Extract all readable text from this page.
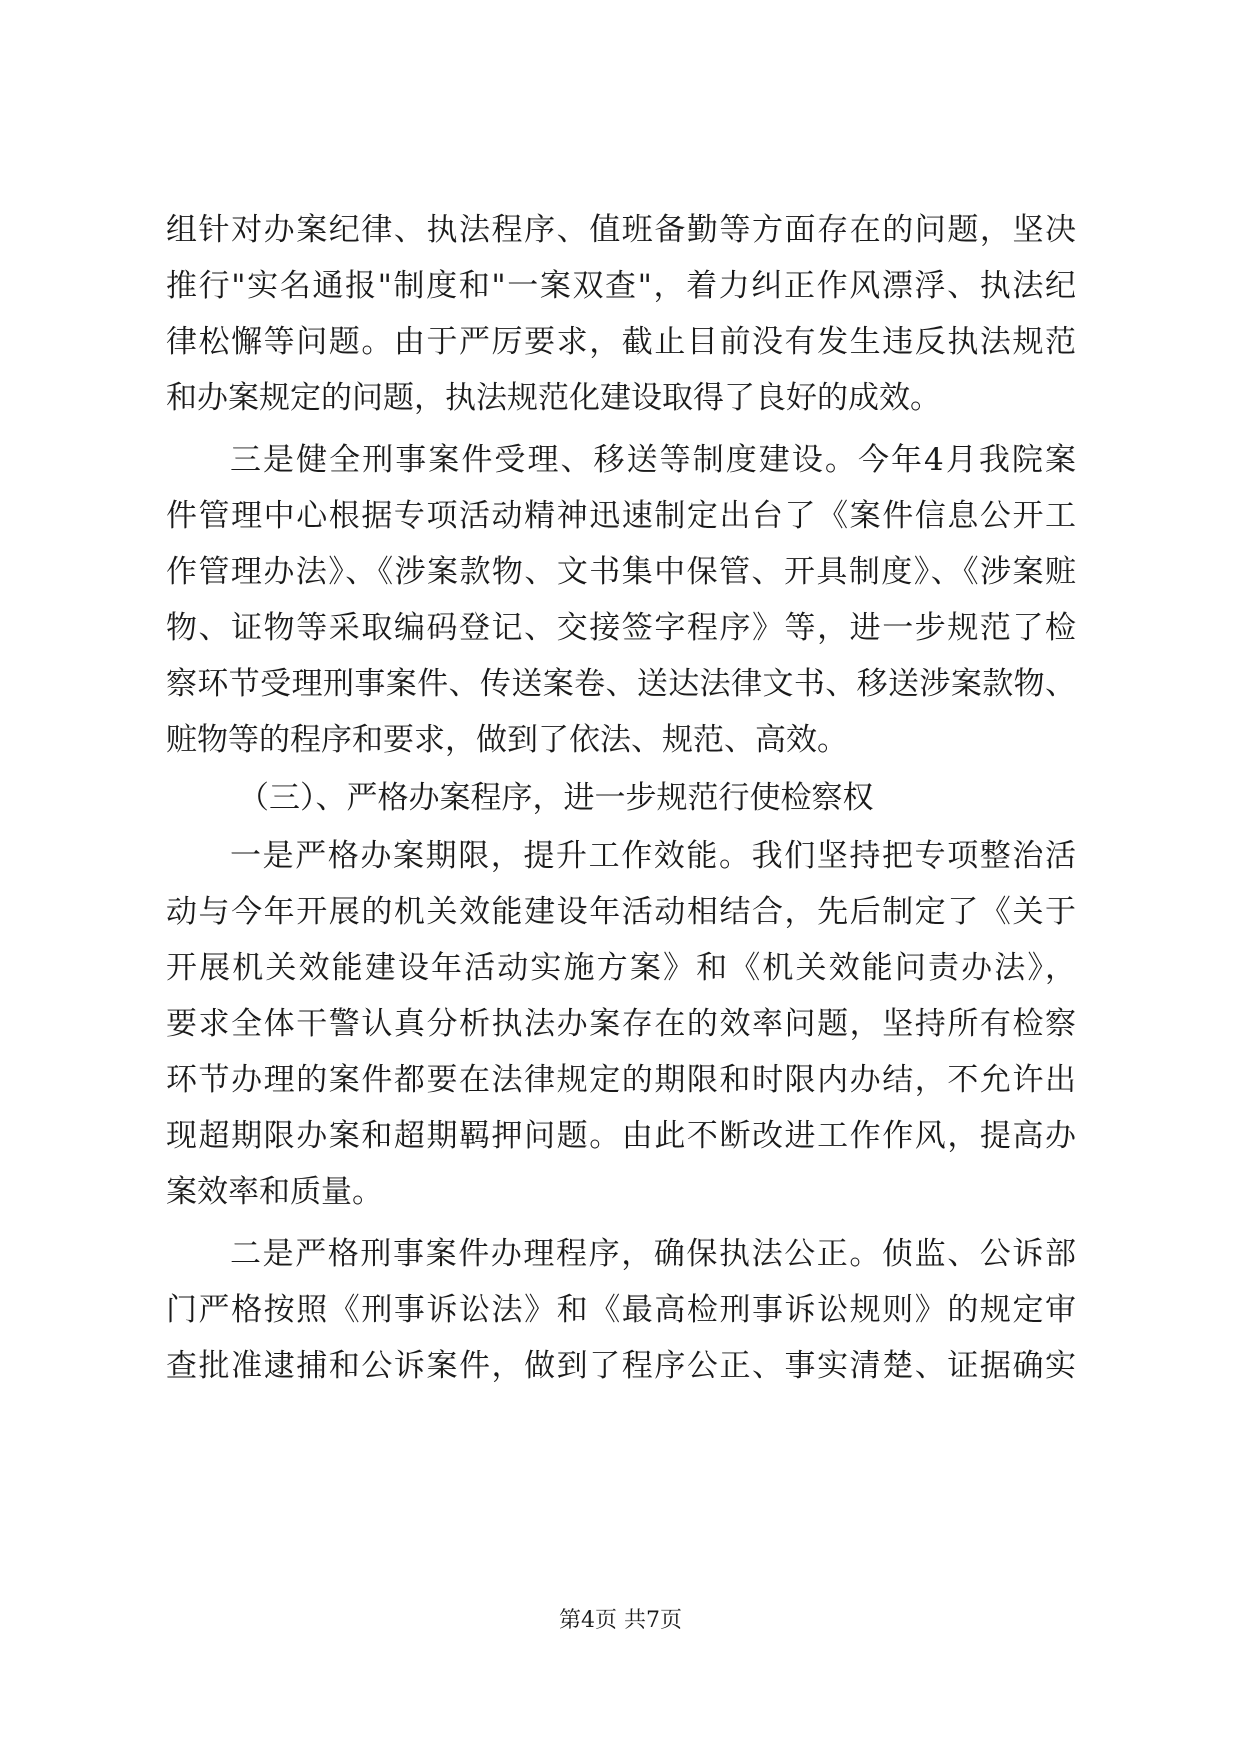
组针对办案纪律、执法程序、值班备勤等方面存在的问题，坚决
推行"实名通报"制度和"一案双查"，着力纠正作风漂浮、执法纪
律松懈等问题。由于严厉要求，截止目前没有发生违反执法规范
和办案规定的问题，执法规范化建设取得了良好的成效。
三是健全刑事案件受理、移送等制度建设。今年4月我院案
件管理中心根据专项活动精神迅速制定出台了《案件信息公开工
作管理办法》、《涉案款物、文书集中保管、开具制度》、《涉案赃
物、证物等采取编码登记、交接签字程序》等，进一步规范了检
察环节受理刑事案件、传送案卷、送达法律文书、移送涉案款物、
赃物等的程序和要求，做到了依法、规范、高效。
（三）、严格办案程序，进一步规范行使检察权
一是严格办案期限，提升工作效能。我们坚持把专项整治活
动与今年开展的机关效能建设年活动相结合，先后制定了《关于
开展机关效能建设年活动实施方案》和《机关效能问责办法》，
要求全体干警认真分析执法办案存在的效率问题，坚持所有检察
环节办理的案件都要在法律规定的期限和时限内办结，不允许出
现超期限办案和超期羁押问题。由此不断改进工作作风，提高办
案效率和质量。
二是严格刑事案件办理程序，确保执法公正。侦监、公诉部
门严格按照《刑事诉讼法》和《最高检刑事诉讼规则》的规定审
查批准逮捕和公诉案件，做到了程序公正、事实清楚、证据确实
第4页 共7页
